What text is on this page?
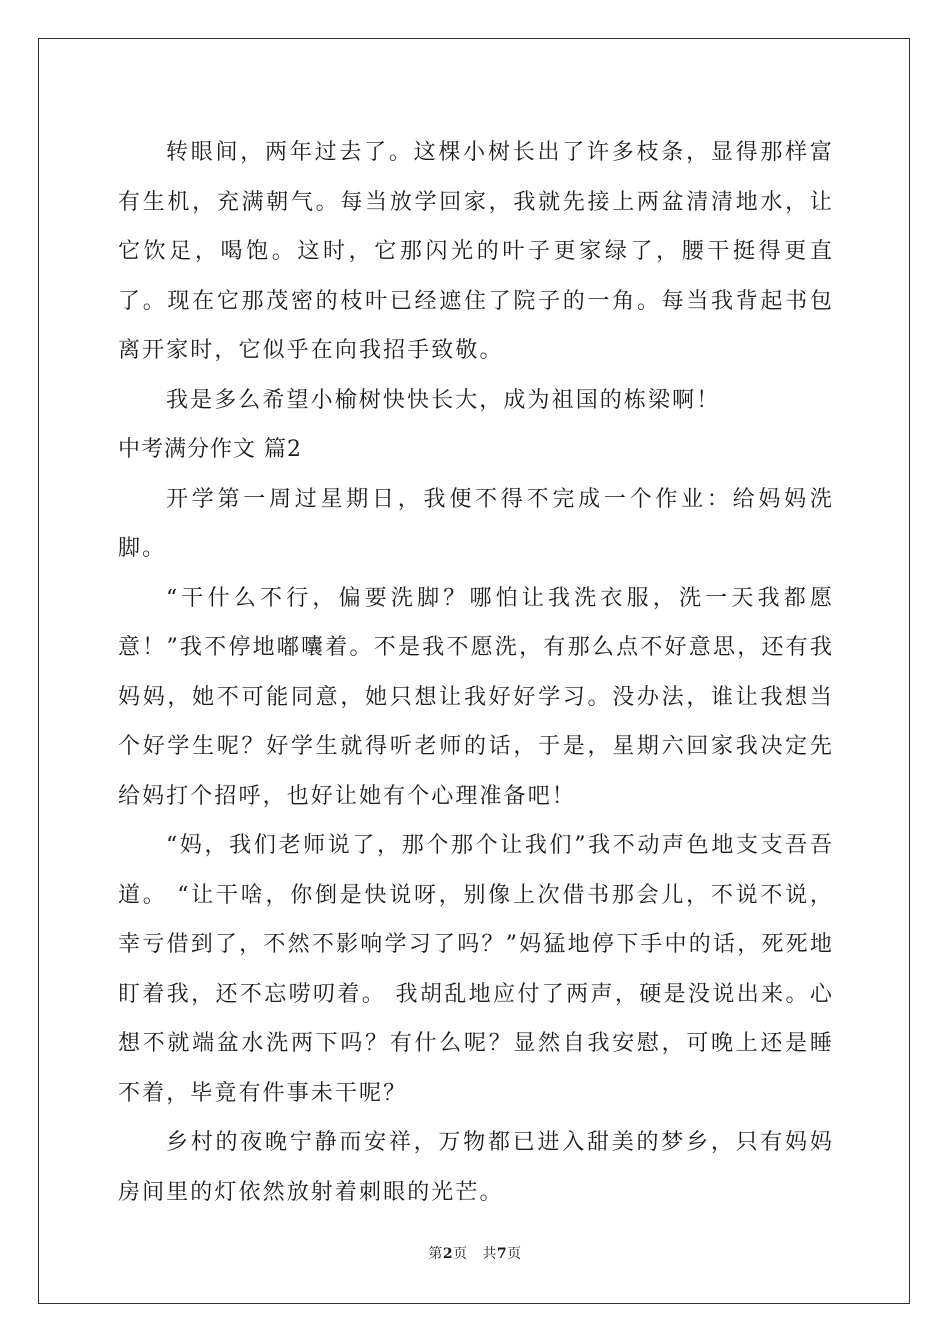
转眼间，两年过去了。这棵小树长出了许多枝条，显得那样富有生机，充满朝气。每当放学回家，我就先接上两盆清清地水，让它饮足，喝饱。这时，它那闪光的叶子更家绿了，腰干挺得更直了。现在它那茂密的枝叶已经遮住了院子的一角。每当我背起书包离开家时，它似乎在向我招手致敬。

我是多么希望小榆树快快长大，成为祖国的栋梁啊！

中考满分作文 篇2

开学第一周过星期日，我便不得不完成一个作业：给妈妈洗脚。

“干什么不行，偏要洗脚？哪怕让我洗衣服，洗一天我都愿意！”我不停地嘟囔着。不是我不愿洗，有那么点不好意思，还有我妈妈，她不可能同意，她只想让我好好学习。没办法，谁让我想当个好学生呢？好学生就得听老师的话，于是，星期六回家我决定先给妈打个招呼，也好让她有个心理准备吧！

“妈，我们老师说了，那个那个让我们”我不动声色地支支吾吾道。 “让干啥，你倒是快说呀，别像上次借书那会儿，不说不说，幸亏借到了，不然不影响学习了吗？”妈猛地停下手中的话，死死地盯着我，还不忘唠叨着。 我胡乱地应付了两声，硬是没说出来。心想不就端盆水洗两下吗？有什么呢？显然自我安慰，可晚上还是睡不着，毕竟有件事未干呢？

乡村的夜晚宁静而安祥，万物都已进入甜美的梦乡，只有妈妈房间里的灯依然放射着刺眼的光芒。

第2页 共7页
